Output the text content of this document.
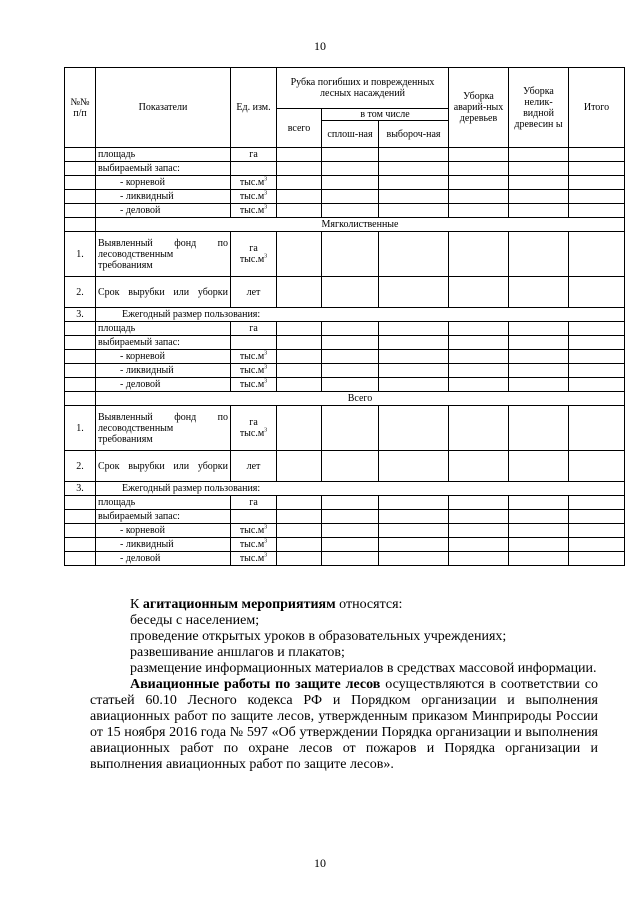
10
№№ п/п	Показатели	Ед. изм.	Рубка погибших и поврежденных лесных насаждений			Уборка аварий-ных деревьев	Уборка нелик-видной древесин ы	Итого
			всего	в том числе				
				сплош-ная	выбороч-ная			
	площадь	га						
	выбираемый запас:							
	- корневой	$тыс.м^3$						
	- ликвидный	$тыс.м^3$						
	- деловой	$тыс.м^3$						
	Мягколиственные							
1.	Выявленный фонд по лесоводственным требованиям	га
$тыс.м^3$

2.	Срок вырубки или уборки	лет						
3.	Ежегодный размер пользования:							
	площадь	га						
	выбираемый запас:							
	- корневой	$тыс.м^3$						
	- ликвидный	$тыс.м^3$						
	- деловой	$тыс.м^3$						
	Всего							
1.	Выявленный фонд по лесоводственным требованиям	га
$тыс.м^3$

2.	Срок вырубки или уборки	лет						
3.	Ежегодный размер пользования:							
	площадь	га						
	выбираемый запас:							
	- корневой	$тыс.м^3$						
	- ликвидный	$тыс.м^3$						
	- деловой	$тыс.м^3$						

К агитационным мероприятиям относятся:

беседы с населением;

проведение открытых уроков в образовательных учреждениях;

развешивание аншлагов и плакатов;

размещение информационных материалов в средствах массовой информации.

Авиационные работы по защите лесов осуществляются в соответствии со статьей 60.10 Лесного кодекса РФ и Порядком организации и выполнения авиационных работ по защите лесов, утвержденным приказом Минприроды России от 15 ноября 2016 года № 597 «Об утверждении Порядка организации и выполнения авиационных работ по охране лесов от пожаров и Порядка организации и выполнения авиационных работ по защите лесов».

10
